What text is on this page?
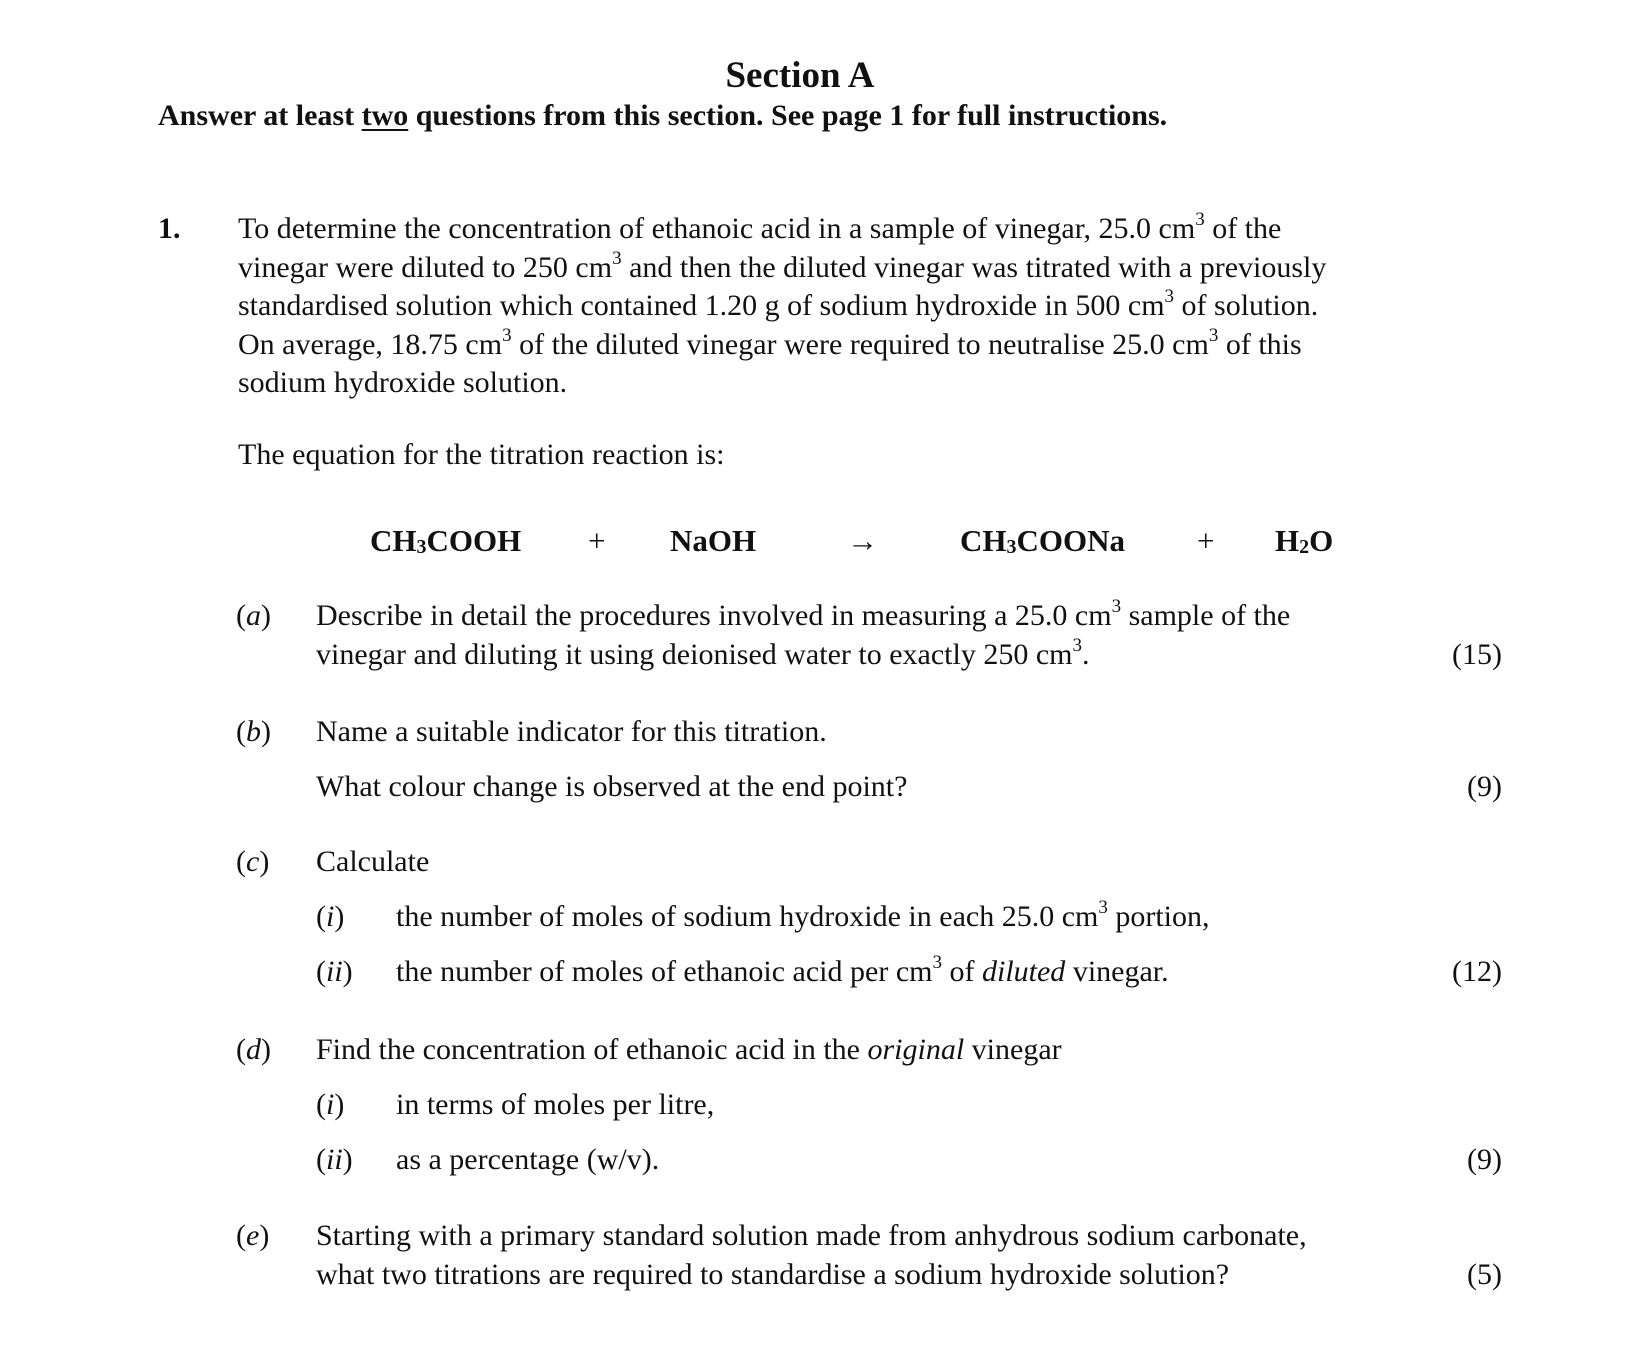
Section A
Answer at least two questions from this section. See page 1 for full instructions.
1. To determine the concentration of ethanoic acid in a sample of vinegar, 25.0 $cm^3$ of the
vinegar were diluted to 250 $cm^3$ and then the diluted vinegar was titrated with a previously
standardised solution which contained 1.20 g of sodium hydroxide in 500 $cm^3$ of solution.
On average, 18.75 $cm^3$ of the diluted vinegar were required to neutralise 25.0 $cm^3$ of this
sodium hydroxide solution.
The equation for the titration reaction is:
$CH_3COOH$ + NaOH	→	$CH_3COONa + H_2O$
(a) Describe in detail the procedures involved in measuring a 25.0 $cm^3$ sample of the
vinegar and diluting it using deionised water to exactly 250 $cm^3$.	(15)
(b) Name a suitable indicator for this titration.
What colour change is observed at the end point?	(9)
(c) Calculate
(i) the number of moles of sodium hydroxide in each 25.0 $cm^3$ portion,
(ii) the number of moles of ethanoic acid per $cm^3$ of diluted vinegar.	(12)
(d) Find the concentration of ethanoic acid in the original vinegar
(i) in terms of moles per litre,
(ii) as a percentage (w/v).	(9)
(e) Starting with a primary standard solution made from anhydrous sodium carbonate,
what two titrations are required to standardise a sodium hydroxide solution?	(5)
